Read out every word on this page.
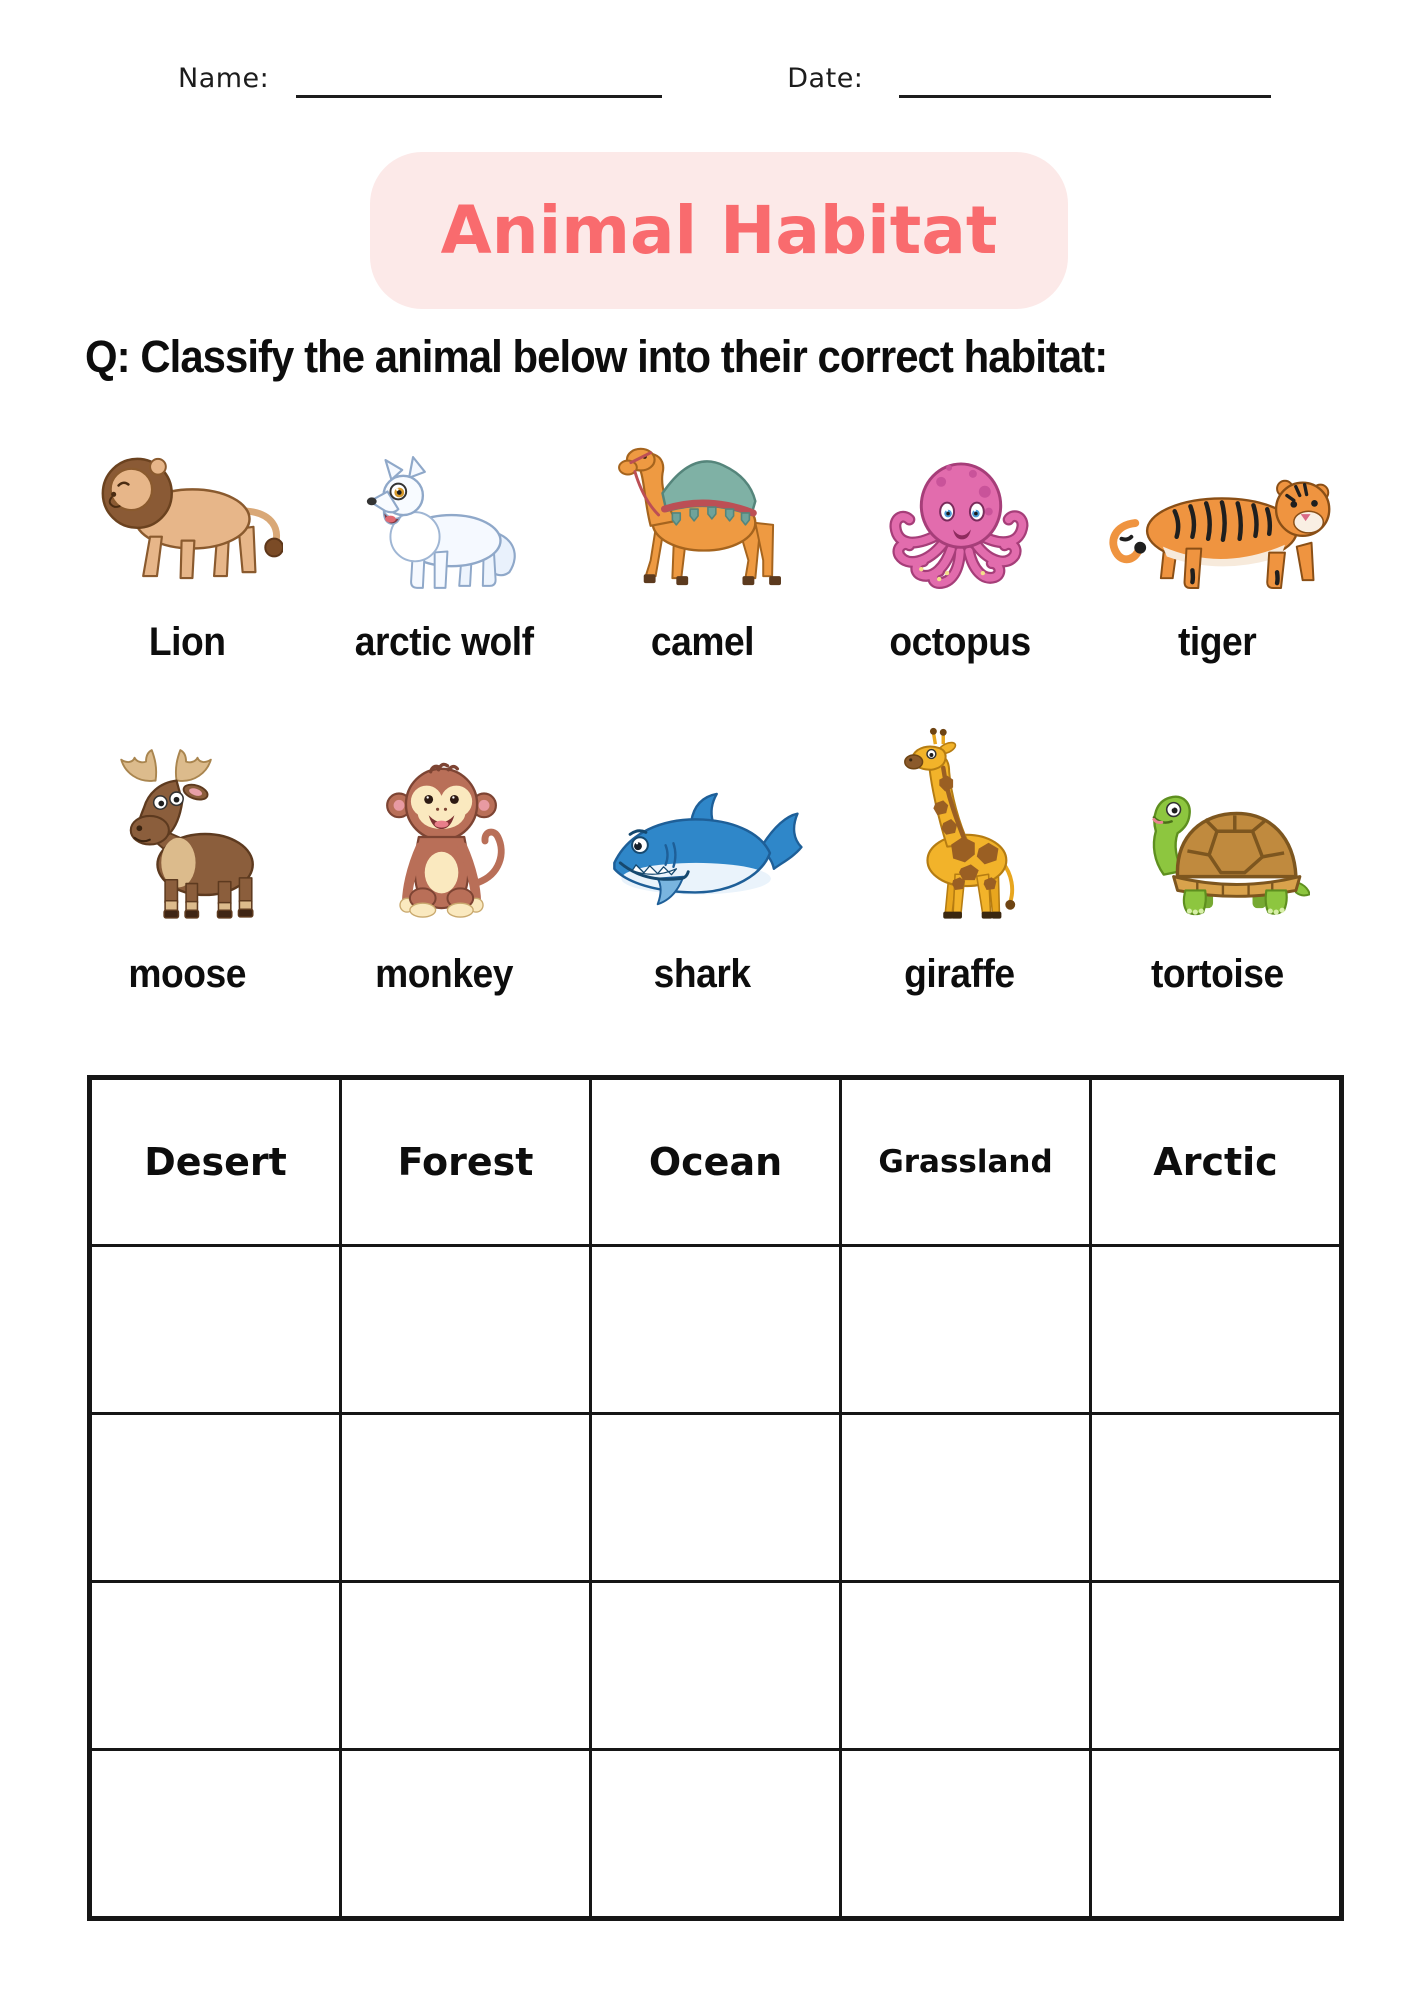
Name:	Date:
Animal Habitat
Q: Classify the animal below into their correct habitat:
Lion	arctic wolf	camel	octopus	tiger
moose	monkey	shark	giraffe	tortoise
Desert	Forest	Ocean	Grassland	Arctic
